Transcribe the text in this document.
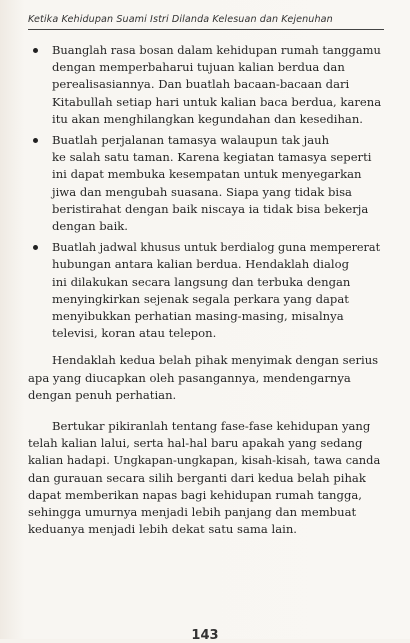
Ketika Kehidupan Suami Istri Dilanda Kelesuan dan Kejenuhan
Buanglah rasa bosan dalam kehidupan rumah tanggamu
dengan memperbaharui tujuan kalian berdua dan
perealisasiannya. Dan buatlah bacaan-bacaan dari
Kitabullah setiap hari untuk kalian baca berdua, karena
itu akan menghilangkan kegundahan dan kesedihan.
Buatlah perjalanan tamasya walaupun tak jauh
ke salah satu taman. Karena kegiatan tamasya seperti
ini dapat membuka kesempatan untuk menyegarkan
jiwa dan mengubah suasana. Siapa yang tidak bisa
beristirahat dengan baik niscaya ia tidak bisa bekerja
dengan baik.
Buatlah jadwal khusus untuk berdialog guna mempererat
hubungan antara kalian berdua. Hendaklah dialog
ini dilakukan secara langsung dan terbuka dengan
menyingkirkan sejenak segala perkara yang dapat
menyibukkan perhatian masing-masing, misalnya
televisi, koran atau telepon.
Hendaklah kedua belah pihak menyimak dengan serius
apa yang diucapkan oleh pasangannya, mendengarnya
dengan penuh perhatian.
Bertukar pikiranlah tentang fase-fase kehidupan yang
telah kalian lalui, serta hal-hal baru apakah yang sedang
kalian hadapi. Ungkapan-ungkapan, kisah-kisah, tawa canda
dan gurauan secara silih berganti dari kedua belah pihak
dapat memberikan napas bagi kehidupan rumah tangga,
sehingga umurnya menjadi lebih panjang dan membuat
keduanya menjadi lebih dekat satu sama lain.
143
